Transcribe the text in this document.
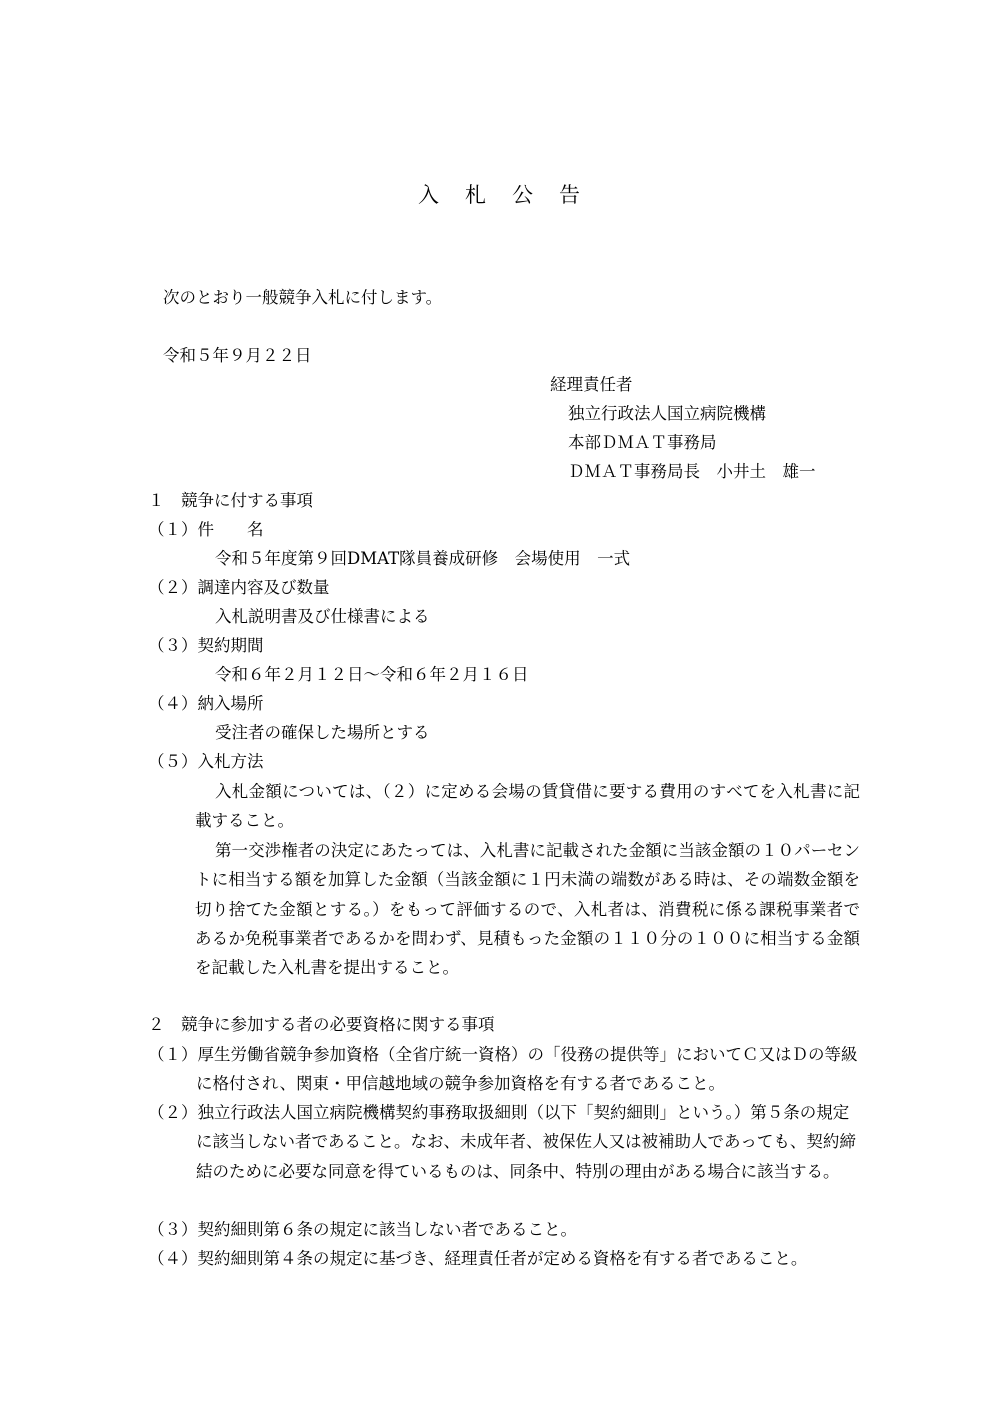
入札公告
次のとおり一般競争入札に付します。
令和５年９月２２日
経理責任者
独立行政法人国立病院機構
本部ＤＭＡＴ事務局
ＤＭＡＴ事務局長　小井土　雄一
１　競争に付する事項
（１）件　　名
令和５年度第９回DMAT隊員養成研修　会場使用　一式
（２）調達内容及び数量
入札説明書及び仕様書による
（３）契約期間
令和６年２月１２日～令和６年２月１６日
（４）納入場所
受注者の確保した場所とする
（５）入札方法
入札金額については、（２）に定める会場の賃貸借に要する費用のすべてを入札書に記載すること。
第一交渉権者の決定にあたっては、入札書に記載された金額に当該金額の１０パーセントに相当する額を加算した金額（当該金額に１円未満の端数がある時は、その端数金額を切り捨てた金額とする。）をもって評価するので、入札者は、消費税に係る課税事業者であるか免税事業者であるかを問わず、見積もった金額の１１０分の１００に相当する金額を記載した入札書を提出すること。
２　競争に参加する者の必要資格に関する事項
（１）厚生労働省競争参加資格（全省庁統一資格）の「役務の提供等」においてＣ又はＤの等級に格付され、関東・甲信越地域の競争参加資格を有する者であること。
（２）独立行政法人国立病院機構契約事務取扱細則（以下「契約細則」という。）第５条の規定に該当しない者であること。なお、未成年者、被保佐人又は被補助人であっても、契約締結のために必要な同意を得ているものは、同条中、特別の理由がある場合に該当する。
（３）契約細則第６条の規定に該当しない者であること。
（４）契約細則第４条の規定に基づき、経理責任者が定める資格を有する者であること。
